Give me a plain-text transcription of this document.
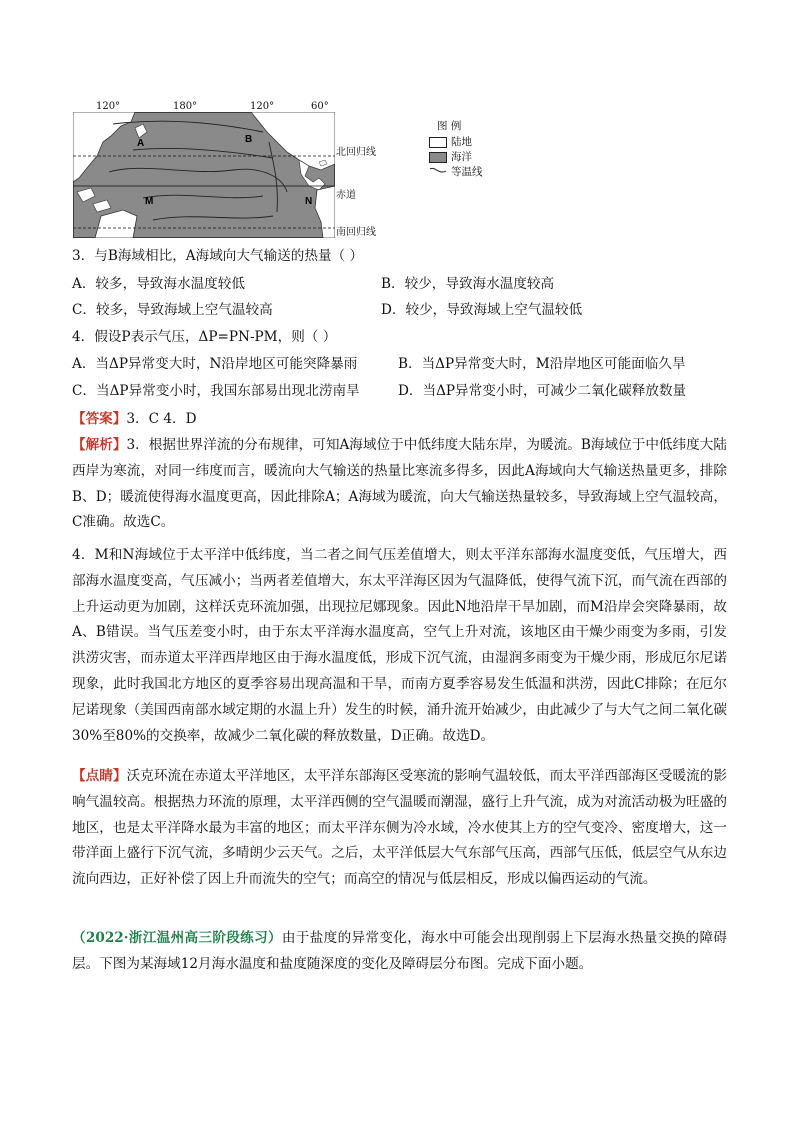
120°	180°	120°	60°
A	B
M	N
北回归线
赤道
南回归线
图 例
陆地
海洋
等温线
3．与B海域相比，A海域向大气输送的热量（ ）
A．较多，导致海水温度较低	B．较少，导致海水温度较高
C．较多，导致海域上空气温较高	D．较少，导致海域上空气温较低
4．假设P表示气压，ΔP=PN-PM，则（ ）
A．当ΔP异常变大时，N沿岸地区可能突降暴雨	B．当ΔP异常变大时，M沿岸地区可能面临久旱
C．当ΔP异常变小时，我国东部易出现北涝南旱	D．当ΔP异常变小时，可减少二氧化碳释放数量
【答案】3．C 4．D
【解析】3．根据世界洋流的分布规律，可知A海域位于中低纬度大陆东岸，为暖流。B海域位于中低纬度大陆西岸为寒流，对同一纬度而言，暖流向大气输送的热量比寒流多得多，因此A海域向大气输送热量更多，排除B、D；暖流使得海水温度更高，因此排除A；A海域为暖流，向大气输送热量较多，导致海域上空气温较高，C准确。故选C。
4．M和N海域位于太平洋中低纬度，当二者之间气压差值增大，则太平洋东部海水温度变低，气压增大，西部海水温度变高，气压减小；当两者差值增大，东太平洋海区因为气温降低，使得气流下沉，而气流在西部的上升运动更为加剧，这样沃克环流加强，出现拉尼娜现象。因此N地沿岸干旱加剧，而M沿岸会突降暴雨，故A、B错误。当气压差变小时，由于东太平洋海水温度高，空气上升对流，该地区由干燥少雨变为多雨，引发洪涝灾害，而赤道太平洋西岸地区由于海水温度低，形成下沉气流，由湿润多雨变为干燥少雨，形成厄尔尼诺现象，此时我国北方地区的夏季容易出现高温和干旱，而南方夏季容易发生低温和洪涝，因此C排除；在厄尔尼诺现象（美国西南部水域定期的水温上升）发生的时候，涌升流开始减少，由此减少了与大气之间二氧化碳30%至80%的交换率，故减少二氧化碳的释放数量，D正确。故选D。
【点睛】沃克环流在赤道太平洋地区，太平洋东部海区受寒流的影响气温较低，而太平洋西部海区受暖流的影响气温较高。根据热力环流的原理，太平洋西侧的空气温暖而潮湿，盛行上升气流，成为对流活动极为旺盛的地区，也是太平洋降水最为丰富的地区；而太平洋东侧为冷水域，冷水使其上方的空气变冷、密度增大，这一带洋面上盛行下沉气流，多晴朗少云天气。之后，太平洋低层大气东部气压高，西部气压低，低层空气从东边流向西边，正好补偿了因上升而流失的空气；而高空的情况与低层相反，形成以偏西运动的气流。
（2022·浙江温州高三阶段练习）由于盐度的异常变化，海水中可能会出现削弱上下层海水热量交换的障碍层。下图为某海域12月海水温度和盐度随深度的变化及障碍层分布图。完成下面小题。
